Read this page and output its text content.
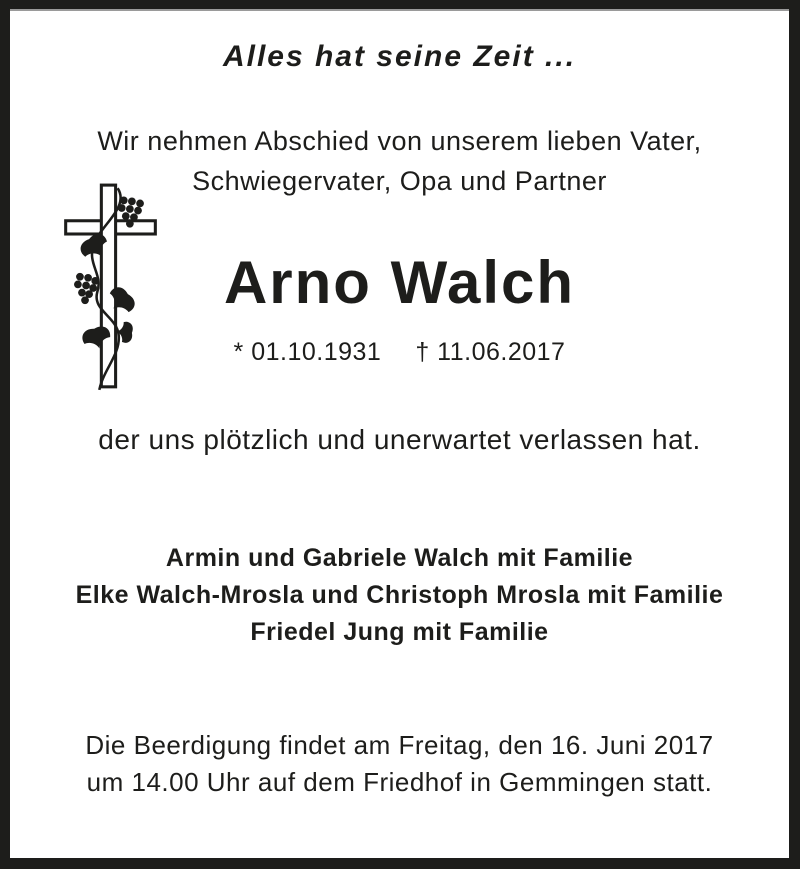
Alles hat seine Zeit ...
Wir nehmen Abschied von unserem lieben Vater,
Schwiegervater, Opa und Partner
Arno Walch
* 01.10.1931 † 11.06.2017
der uns plötzlich und unerwartet verlassen hat.
Armin und Gabriele Walch mit Familie
Elke Walch-Mrosla und Christoph Mrosla mit Familie
Friedel Jung mit Familie
Die Beerdigung findet am Freitag, den 16. Juni 2017
um 14.00 Uhr auf dem Friedhof in Gemmingen statt.
